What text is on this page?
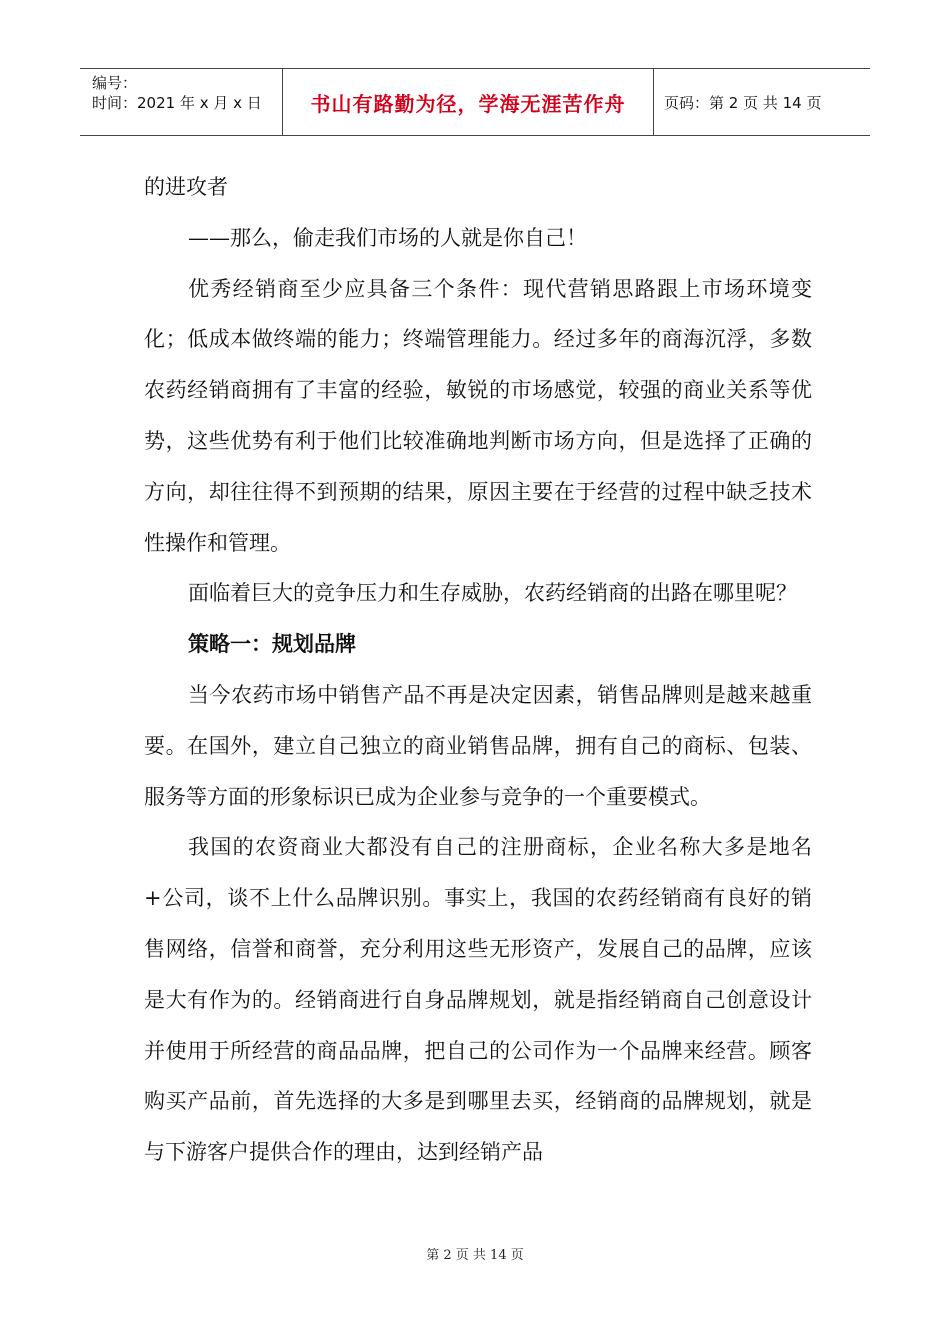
编号：
时间：2021 年 x 月 x 日	书山有路勤为径，学海无涯苦作舟	页码：第 2 页 共 14 页

的进攻者

——那么，偷走我们市场的人就是你自己！

优秀经销商至少应具备三个条件：现代营销思路跟上市场环境变化；低成本做终端的能力；终端管理能力。经过多年的商海沉浮，多数农药经销商拥有了丰富的经验，敏锐的市场感觉，较强的商业关系等优势，这些优势有利于他们比较准确地判断市场方向，但是选择了正确的方向，却往往得不到预期的结果，原因主要在于经营的过程中缺乏技术性操作和管理。

面临着巨大的竞争压力和生存威胁，农药经销商的出路在哪里呢？

策略一：规划品牌

当今农药市场中销售产品不再是决定因素，销售品牌则是越来越重要。在国外，建立自己独立的商业销售品牌，拥有自己的商标、包装、服务等方面的形象标识已成为企业参与竞争的一个重要模式。

我国的农资商业大都没有自己的注册商标，企业名称大多是地名+公司，谈不上什么品牌识别。事实上，我国的农药经销商有良好的销售网络，信誉和商誉，充分利用这些无形资产，发展自己的品牌，应该是大有作为的。经销商进行自身品牌规划，就是指经销商自己创意设计并使用于所经营的商品品牌，把自己的公司作为一个品牌来经营。顾客购买产品前，首先选择的大多是到哪里去买，经销商的品牌规划，就是与下游客户提供合作的理由，达到经销产品

第 2 页 共 14 页
